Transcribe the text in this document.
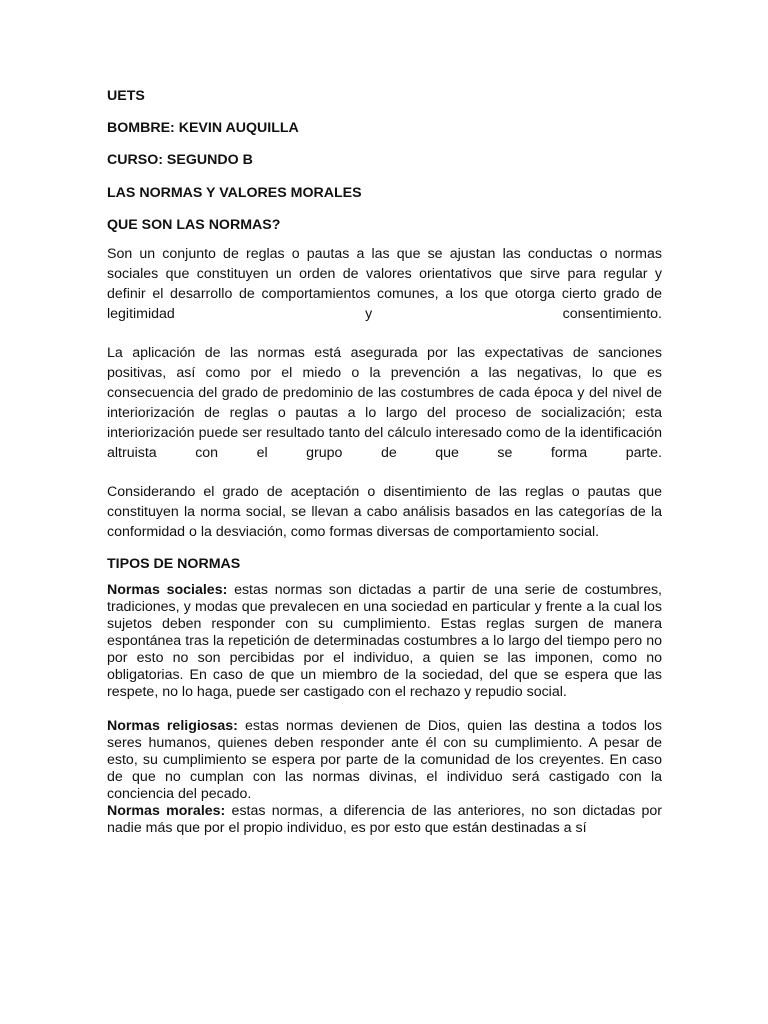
UETS

BOMBRE: KEVIN AUQUILLA

CURSO: SEGUNDO B

LAS NORMAS Y VALORES MORALES

QUE SON LAS NORMAS?

Son un conjunto de reglas o pautas a las que se ajustan las conductas o normas sociales que constituyen un orden de valores orientativos que sirve para regular y definir el desarrollo de comportamientos comunes, a los que otorga cierto grado de legitimidad y consentimiento.

La aplicación de las normas está asegurada por las expectativas de sanciones positivas, así como por el miedo o la prevención a las negativas, lo que es consecuencia del grado de predominio de las costumbres de cada época y del nivel de interiorización de reglas o pautas a lo largo del proceso de socialización; esta interiorización puede ser resultado tanto del cálculo interesado como de la identificación altruista con el grupo de que se forma parte.

Considerando el grado de aceptación o disentimiento de las reglas o pautas que constituyen la norma social, se llevan a cabo análisis basados en las categorías de la conformidad o la desviación, como formas diversas de comportamiento social.

TIPOS DE NORMAS

Normas sociales: estas normas son dictadas a partir de una serie de costumbres, tradiciones, y modas que prevalecen en una sociedad en particular y frente a la cual los sujetos deben responder con su cumplimiento. Estas reglas surgen de manera espontánea tras la repetición de determinadas costumbres a lo largo del tiempo pero no por esto no son percibidas por el individuo, a quien se las imponen, como no obligatorias. En caso de que un miembro de la sociedad, del que se espera que las respete, no lo haga, puede ser castigado con el rechazo y repudio social.

Normas religiosas: estas normas devienen de Dios, quien las destina a todos los seres humanos, quienes deben responder ante él con su cumplimiento. A pesar de esto, su cumplimiento se espera por parte de la comunidad de los creyentes. En caso de que no cumplan con las normas divinas, el individuo será castigado con la conciencia del pecado.

Normas morales: estas normas, a diferencia de las anteriores, no son dictadas por nadie más que por el propio individuo, es por esto que están destinadas a sí
